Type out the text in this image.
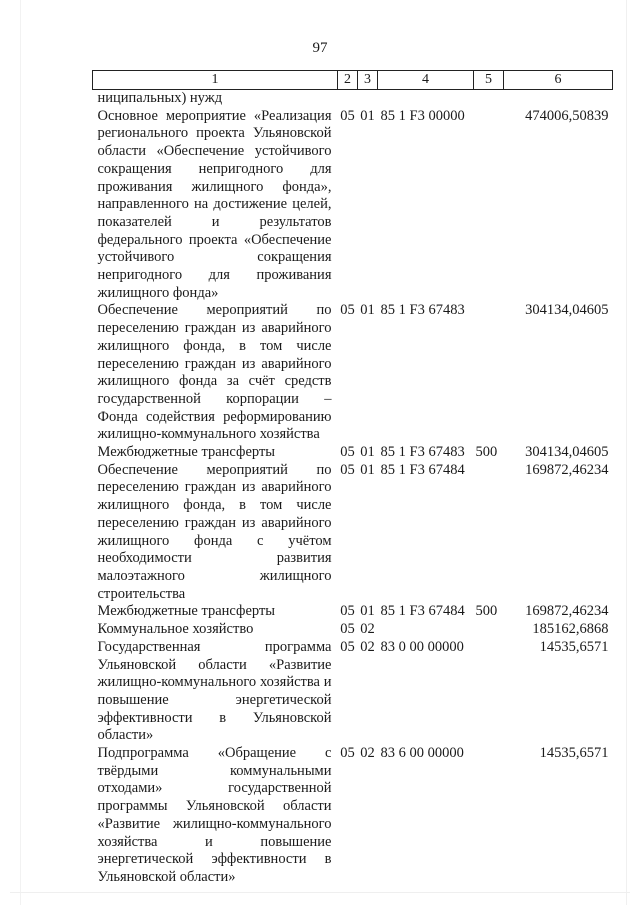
97
1	2	3	4	5	6
ниципальных) нужд					
Основное мероприятие «Реализация регионального проекта Ульяновской области «Обеспечение устойчивого сокращения непригодного для проживания жилищного фонда», направленного на достижение целей, показателей и результатов федерального проекта «Обеспечение устойчивого сокращения непригодного для проживания жилищного фонда»	05	01	85 1 F3 00000		474006,50839
Обеспечение мероприятий по переселению граждан из аварийного жилищного фонда, в том числе переселению граждан из аварийного жилищного фонда за счёт средств государственной корпорации – Фонда содействия реформированию жилищно-коммунального хозяйства	05	01	85 1 F3 67483		304134,04605
Межбюджетные трансферты	05	01	85 1 F3 67483	500	304134,04605
Обеспечение мероприятий по переселению граждан из аварийного жилищного фонда, в том числе переселению граждан из аварийного жилищного фонда с учётом необходимости развития малоэтажного жилищного строительства	05	01	85 1 F3 67484		169872,46234
Межбюджетные трансферты	05	01	85 1 F3 67484	500	169872,46234
Коммунальное хозяйство	05	02			185162,6868
Государственная программа Ульяновской области «Развитие жилищно-коммунального хозяйства и повышение энергетической эффективности в Ульяновской области»	05	02	83 0 00 00000		14535,6571
Подпрограмма «Обращение с твёрдыми коммунальными отходами» государственной программы Ульяновской области «Развитие жилищно-коммунального хозяйства и повышение энергетической эффективности в Ульяновской области»	05	02	83 6 00 00000		14535,6571
